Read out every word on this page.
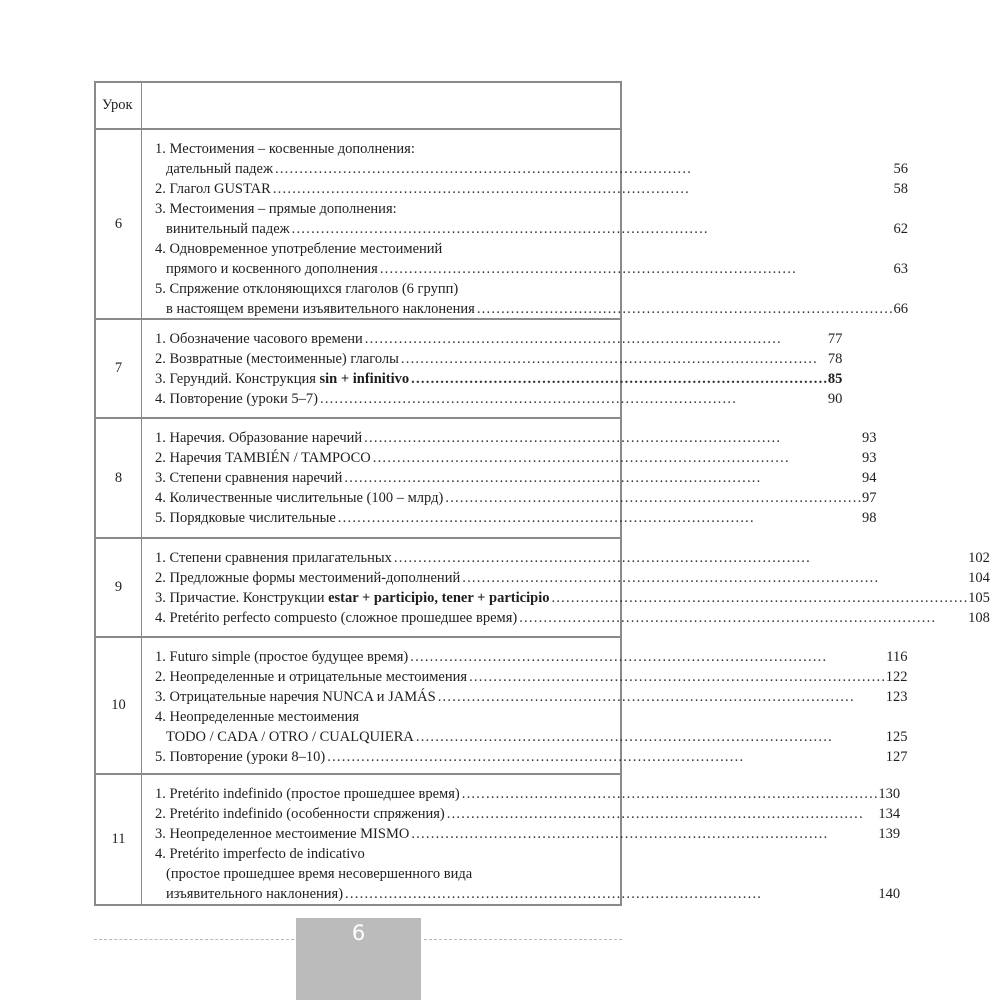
Урок
6
1. Местоимения – косвенные дополнения:
дательный падеж . . .	56
2. Глагол GUSTAR . . .	58
3. Местоимения – прямые дополнения:
винительный падеж . . .	62
4. Одновременное употребление местоимений
прямого и косвенного дополнения . . .	63
5. Спряжение отклоняющихся глаголов (6 групп)
в настоящем времени изъявительного наклонения . . .	66
7
1. Обозначение часового времени . . .	77
2. Возвратные (местоименные) глаголы . . .	78
3. Герундий. Конструкция sin + infinitivo . . .	85
4. Повторение (уроки 5–7) . . .	90
8
1. Наречия. Образование наречий . . .	93
2. Наречия TAMBIÉN / TAMPOCO . . .	93
3. Степени сравнения наречий . . .	94
4. Количественные числительные (100 – млрд) . . .	97
5. Порядковые числительные . . .	98
9
1. Степени сравнения прилагательных . . .	102
2. Предложные формы местоимений-дополнений . . .	104
3. Причастие. Конструкции estar + participio, tener + participio . . .	105
4. Pretérito perfecto compuesto (сложное прошедшее время) . . .	108
10
1. Futuro simple (простое будущее время) . . .	116
2. Неопределенные и отрицательные местоимения . . .	122
3. Отрицательные наречия NUNCA и JAMÁS . . .	123
4. Неопределенные местоимения
TODO / CADA / OTRO / CUALQUIERA . . .	125
5. Повторение (уроки 8–10) . . .	127
11
1. Pretérito indefinido (простое прошедшее время) . . .	130
2. Pretérito indefinido (особенности спряжения) . . .	134
3. Неопределенное местоимение MISMO . . .	139
4. Pretérito imperfecto de indicativo
(простое прошедшее время несовершенного вида
изъявительного наклонения) . . .	140
6
